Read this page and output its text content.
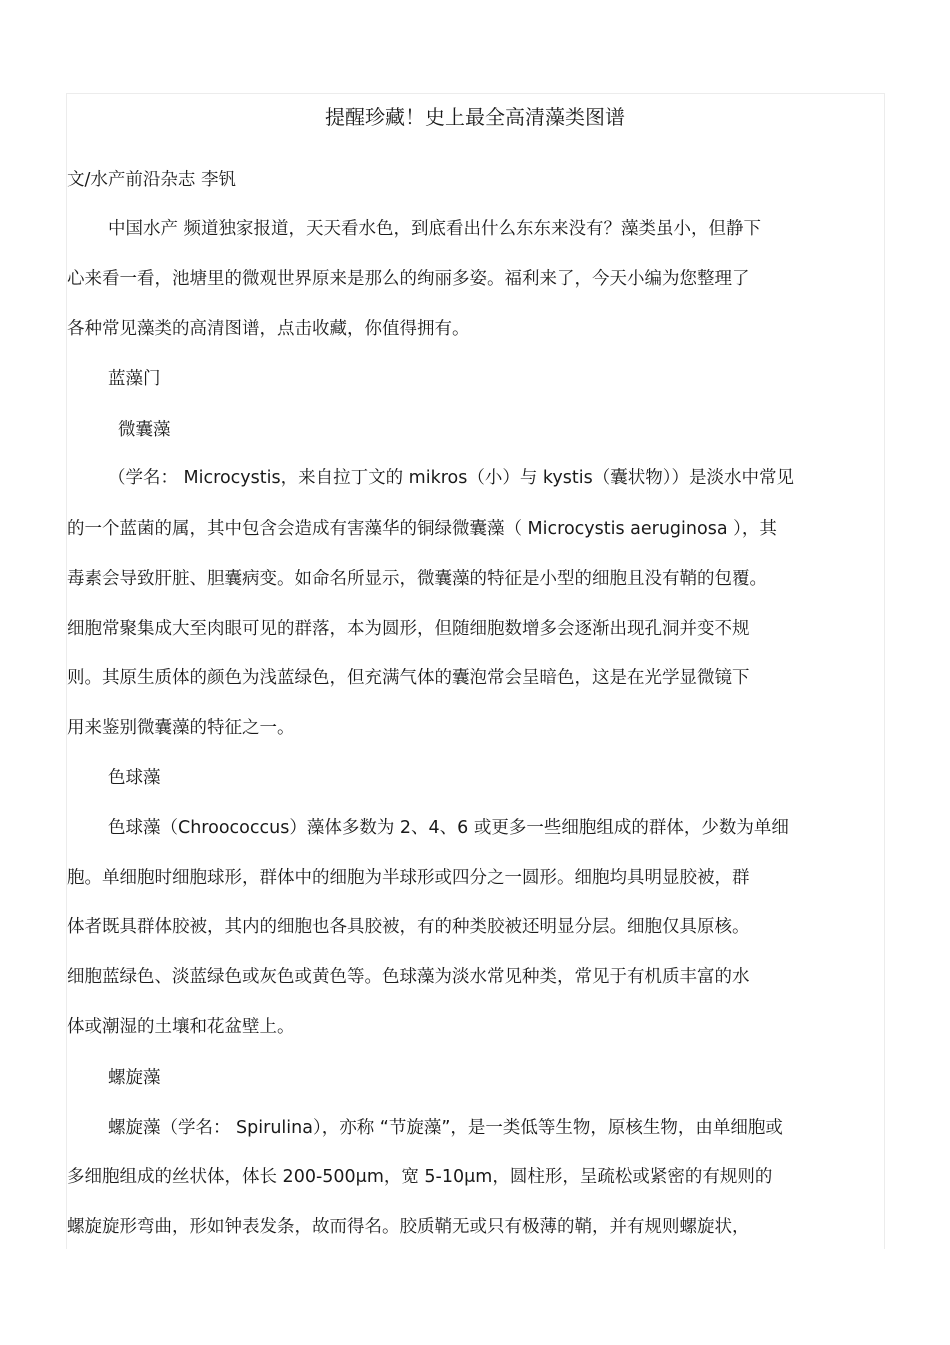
提醒珍藏！史上最全高清藻类图谱
文/水产前沿杂志 李钒
中国水产 频道独家报道，天天看水色，到底看出什么东东来没有？藻类虽小，但静下
心来看一看，池塘里的微观世界原来是那么的绚丽多姿。福利来了，今天小编为您整理了
各种常见藻类的高清图谱，点击收藏，你值得拥有。
蓝藻门
微囊藻
（学名： Microcystis，来自拉丁文的 mikros（小）与 kystis（囊状物））是淡水中常见
的一个蓝菌的属，其中包含会造成有害藻华的铜绿微囊藻（ Microcystis aeruginosa ），其
毒素会导致肝脏、胆囊病变。如命名所显示，微囊藻的特征是小型的细胞且没有鞘的包覆。
细胞常聚集成大至肉眼可见的群落，本为圆形，但随细胞数增多会逐渐出现孔洞并变不规
则。其原生质体的颜色为浅蓝绿色，但充满气体的囊泡常会呈暗色，这是在光学显微镜下
用来鉴别微囊藻的特征之一。
色球藻
色球藻（Chroococcus）藻体多数为 2、4、6 或更多一些细胞组成的群体，少数为单细
胞。单细胞时细胞球形，群体中的细胞为半球形或四分之一圆形。细胞均具明显胶被，群
体者既具群体胶被，其内的细胞也各具胶被，有的种类胶被还明显分层。细胞仅具原核。
细胞蓝绿色、淡蓝绿色或灰色或黄色等。色球藻为淡水常见种类，常见于有机质丰富的水
体或潮湿的土壤和花盆壁上。
螺旋藻
螺旋藻（学名： Spirulina），亦称 “节旋藻”，是一类低等生物，原核生物，由单细胞或
多细胞组成的丝状体，体长 200-500μm，宽 5-10μm，圆柱形，呈疏松或紧密的有规则的
螺旋旋形弯曲，形如钟表发条，故而得名。胶质鞘无或只有极薄的鞘，并有规则螺旋状，
